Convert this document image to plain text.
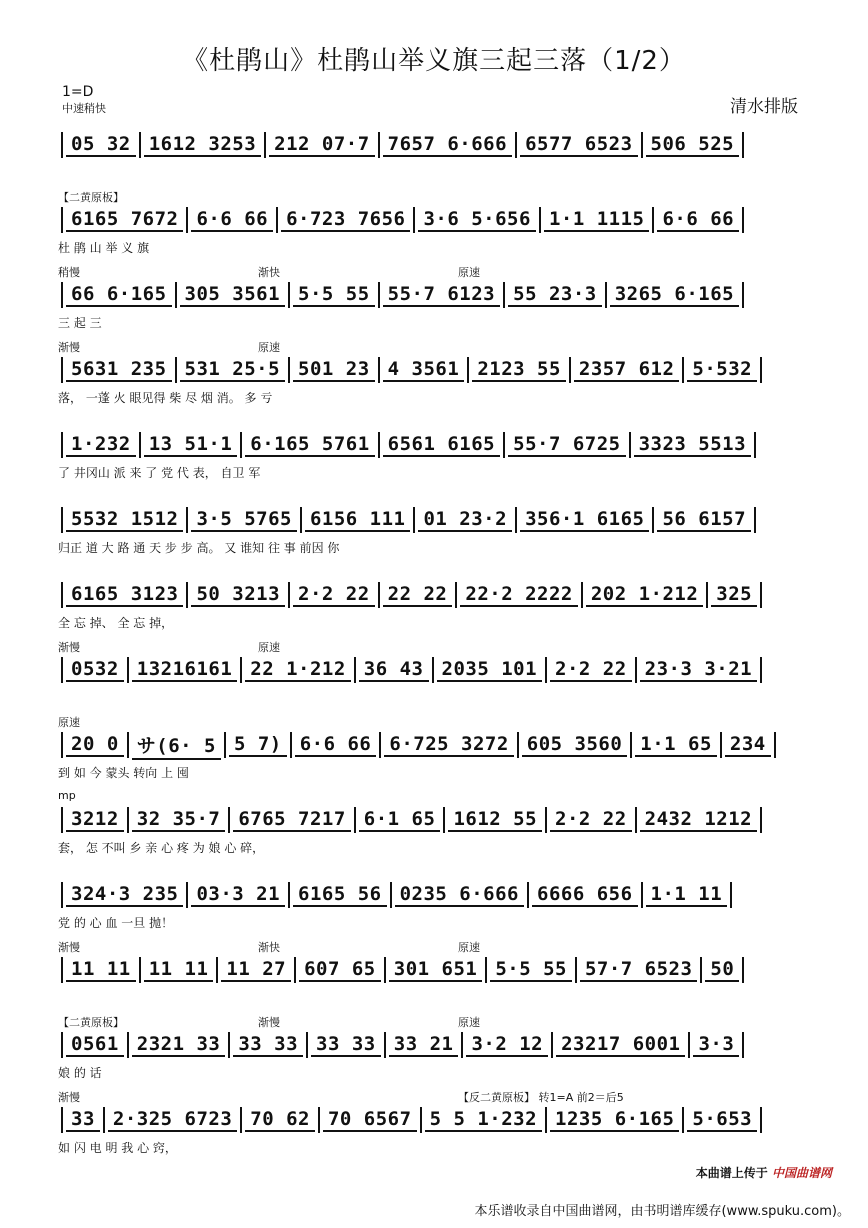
《杜鹃山》杜鹃山举义旗三起三落（1/2）
1=D
中速稍快	清水排版
05 32 1612 3253 212 07·7 7657 6·666 6577 6523 506 525
【二黄原板】
6165 7672 6·6 66 6·723 7656 3·6 5·656 1·1 1115 6·6 66
杜 鹃 山 举 义 旗
稍慢	渐快	原速
66 6·165 305 3561 5·5 55 55·7 6123 55 23·3 3265 6·165
三 起 三
渐慢	原速
5631 235 531 25·5 501 23 4 3561 2123 55 2357 612 5·532
落， 一蓬 火 眼见得 柴 尽 烟 消。 多 亏
1·232 13 51·1 6·165 5761 6561 6165 55·7 6725 3323 5513
了 井冈山 派 来 了 党 代 表， 自卫 军
5532 1512 3·5 5765 6156 111 01 23·2 356·1 6165 56 6157
归正 道 大 路 通 天 步 步 高。 又 谁知 往 事 前因 你
6165 3123 50 3213 2·2 22 22 22 22·2 2222 202 1·212 325
全 忘 掉、 全 忘 掉，
渐慢	原速
0532 13216161 22 1·212 36 43 2035 101 2·2 22 23·3 3·21
原速
20 0 サ(6· 5 5 7) 6·6 66 6·725 3272 605 3560 1·1 65 234
到 如 今 蒙头 转向 上 囤
mp
3212 32 35·7 6765 7217 6·1 65 1612 55 2·2 22 2432 1212
套， 怎 不叫 乡 亲 心 疼 为 娘 心 碎，
324·3 235 03·3 21 6165 56 0235 6·666 6666 656 1·1 11
党 的 心 血 一旦 抛！
渐慢	渐快	原速
11 11 11 11 11 27 607 65 301 651 5·5 55 57·7 6523 50
【二黄原板】	渐慢	原速
0561 2321 33 33 33 33 33 33 21 3·2 12 23217 6001 3·3
娘 的 话
渐慢	【反二黄原板】 转1=A 前2＝后5
33 2·325 6723 70 62 70 6567 5 5 1·232 1235 6·165 5·653
如 闪 电 明 我 心 窍，
本曲谱上传于 中国曲谱网
本乐谱收录自中国曲谱网，由书明谱库缓存(www.spuku.com)。
